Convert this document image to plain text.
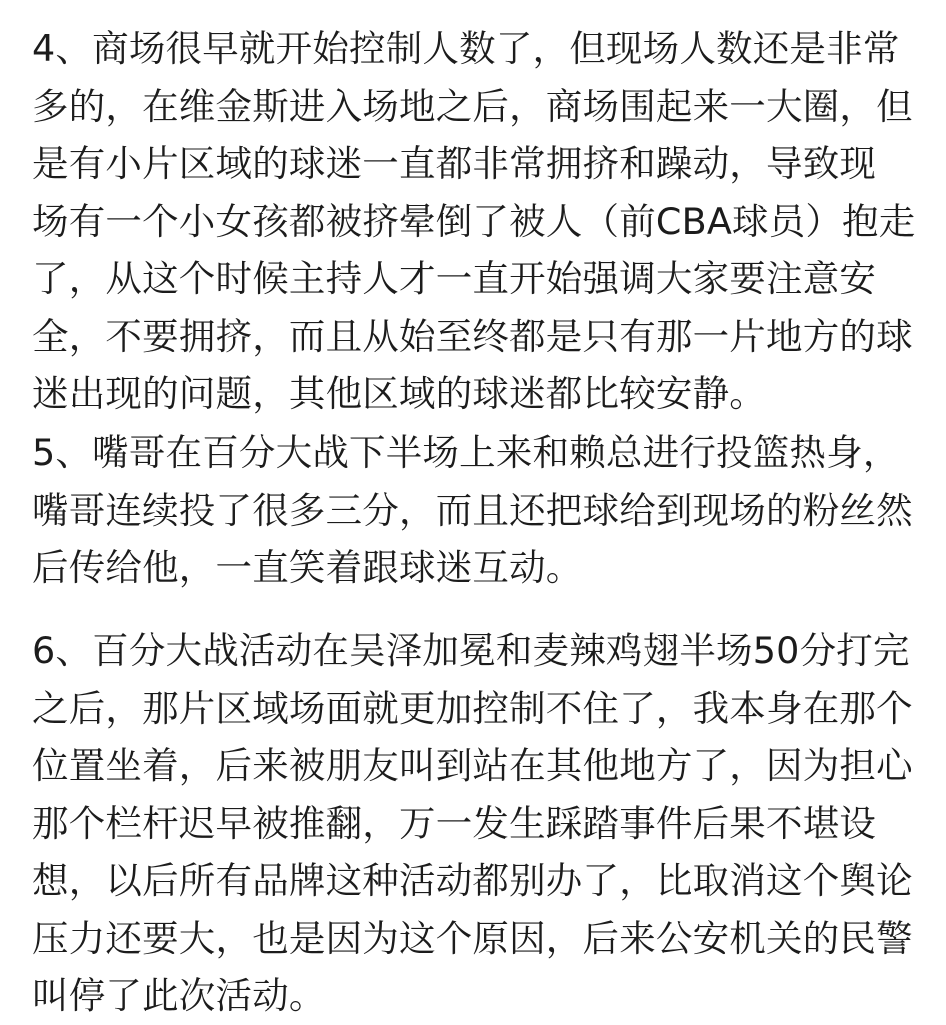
4、商场很早就开始控制人数了，但现场人数还是非常
多的，在维金斯进入场地之后，商场围起来一大圈，但
是有小片区域的球迷一直都非常拥挤和躁动，导致现
场有一个小女孩都被挤晕倒了被人（前CBA球员）抱走
了，从这个时候主持人才一直开始强调大家要注意安
全，不要拥挤，而且从始至终都是只有那一片地方的球
迷出现的问题，其他区域的球迷都比较安静。

5、嘴哥在百分大战下半场上来和赖总进行投篮热身，
嘴哥连续投了很多三分，而且还把球给到现场的粉丝然
后传给他，一直笑着跟球迷互动。

6、百分大战活动在吴泽加冕和麦辣鸡翅半场50分打完
之后，那片区域场面就更加控制不住了，我本身在那个
位置坐着，后来被朋友叫到站在其他地方了，因为担心
那个栏杆迟早被推翻，万一发生踩踏事件后果不堪设
想，以后所有品牌这种活动都别办了，比取消这个舆论
压力还要大，也是因为这个原因，后来公安机关的民警
叫停了此次活动。
